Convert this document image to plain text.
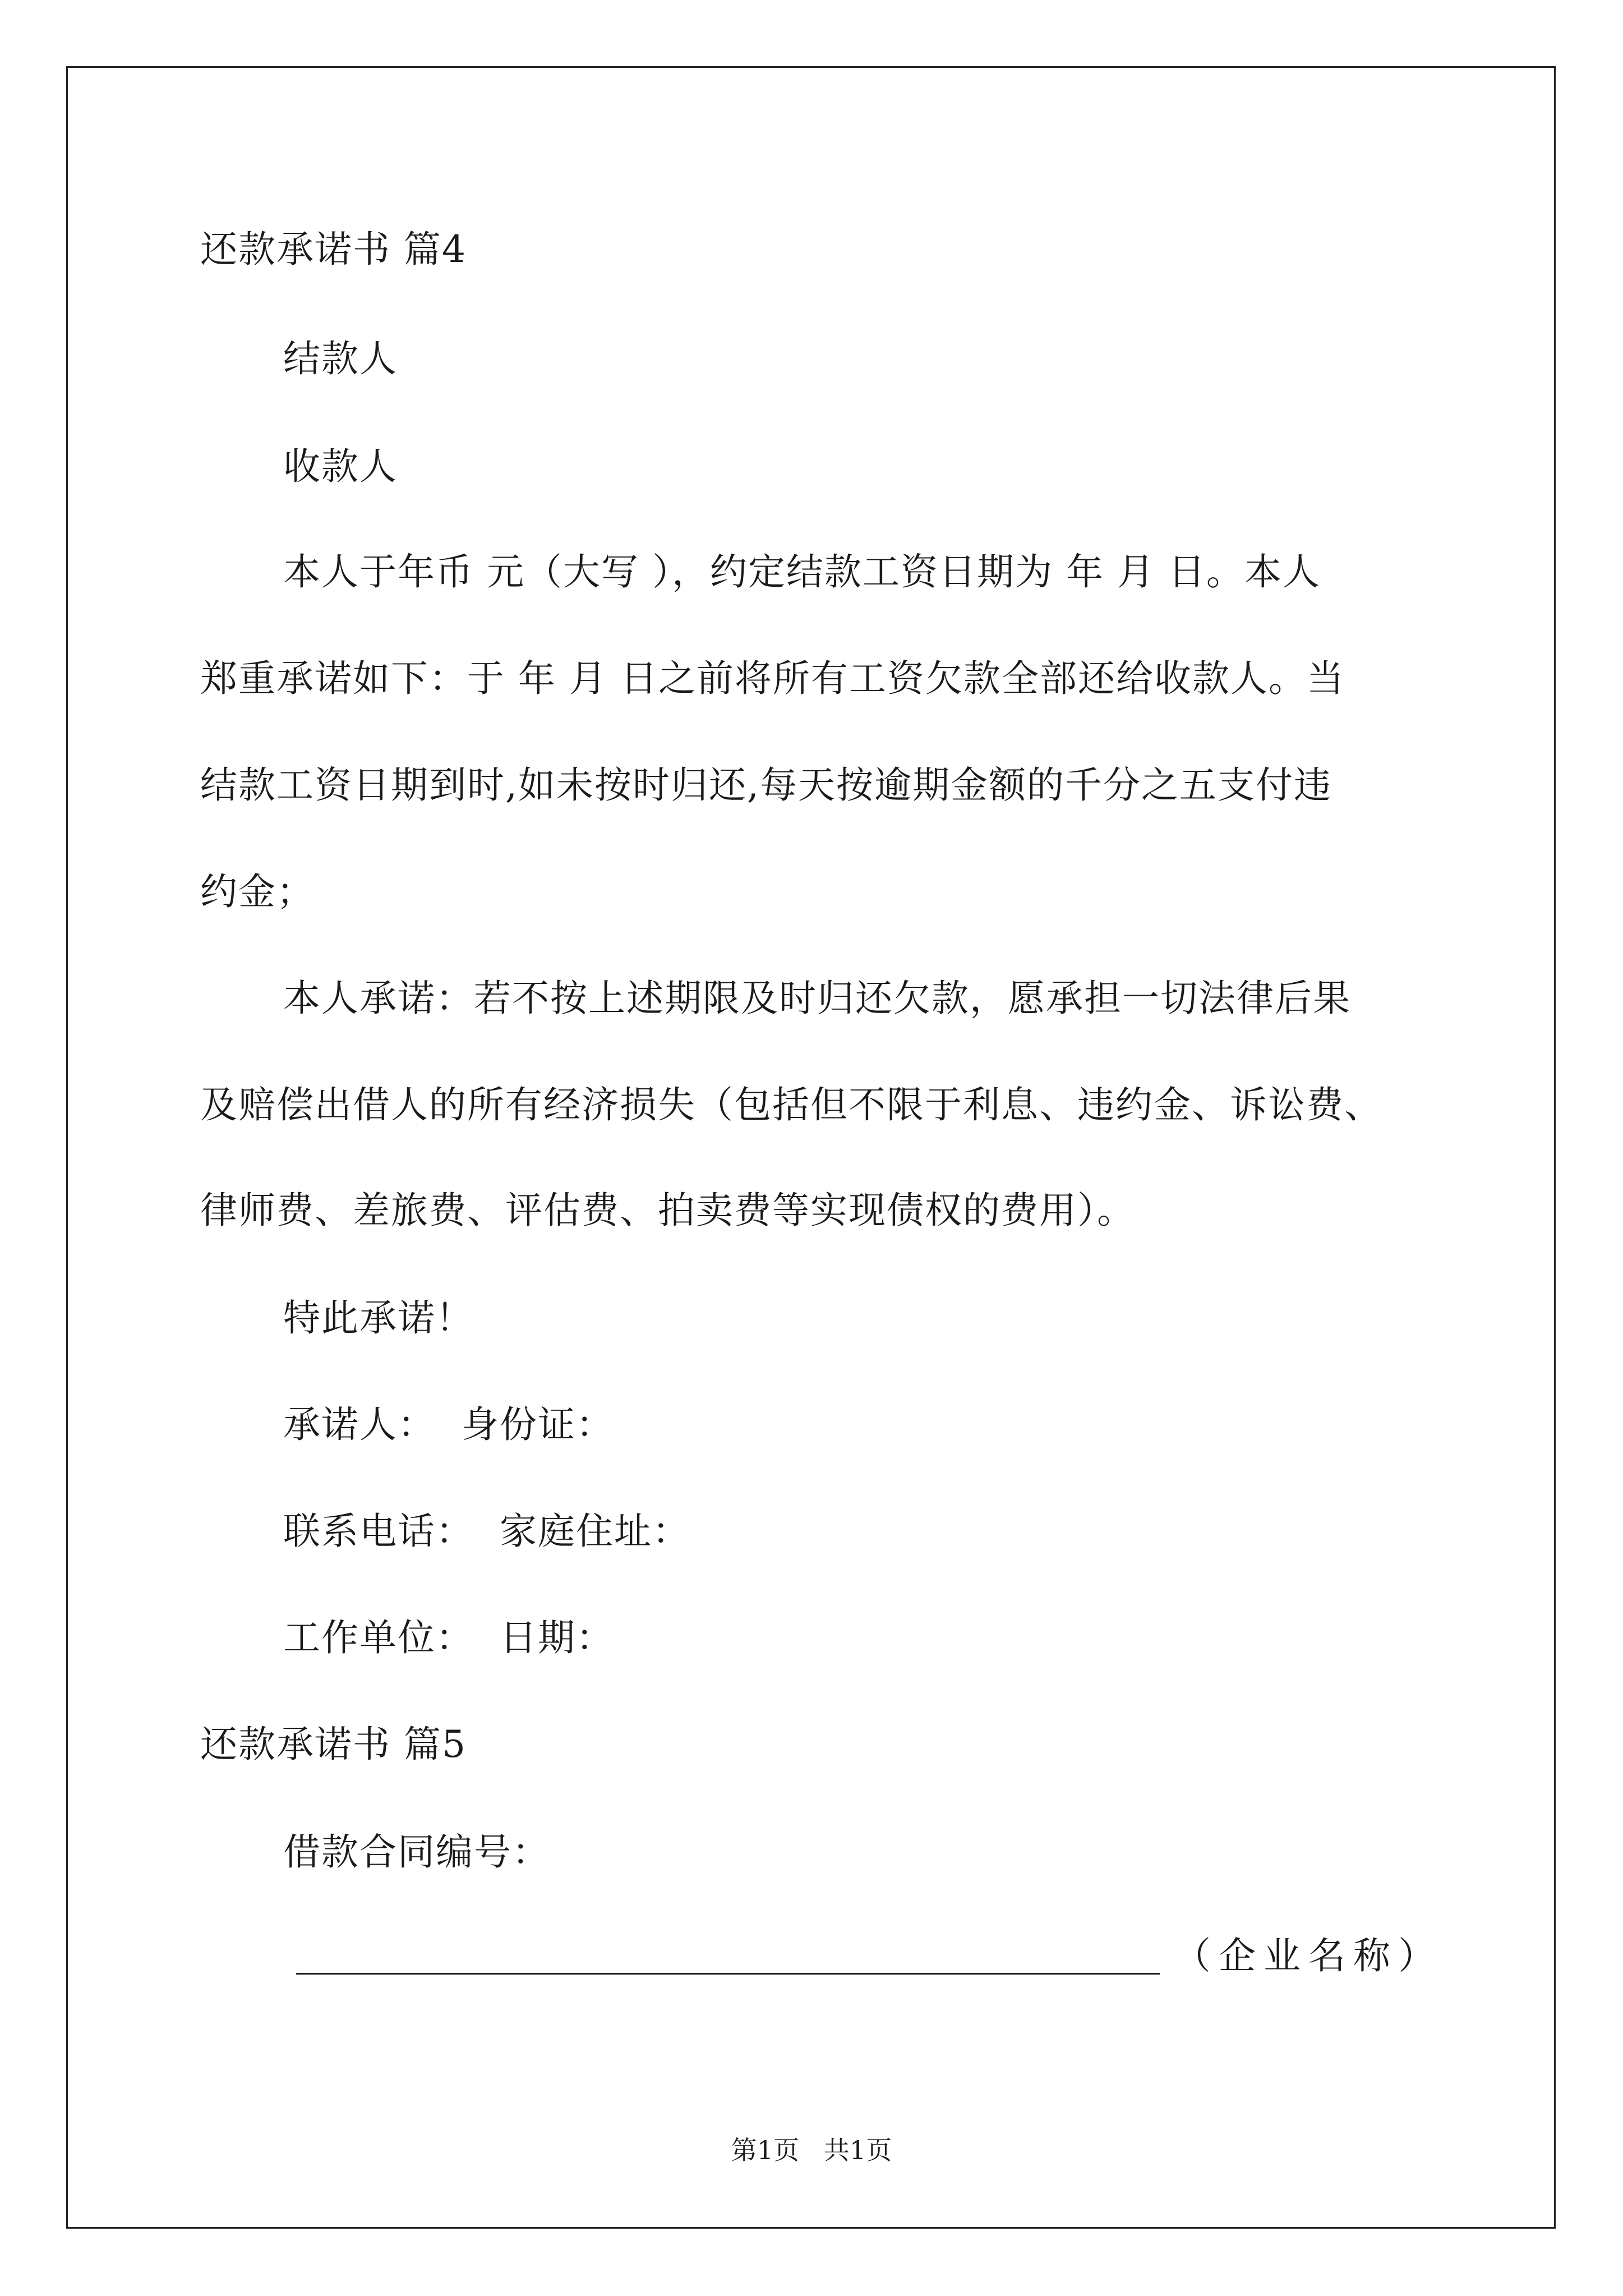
还款承诺书 篇4
结款人
收款人
本人于年币 元（大写 ），约定结款工资日期为 年 月 日。本人
郑重承诺如下：于 年 月 日之前将所有工资欠款全部还给收款人。当
结款工资日期到时,如未按时归还,每天按逾期金额的千分之五支付违
约金；
本人承诺：若不按上述期限及时归还欠款，愿承担一切法律后果
及赔偿出借人的所有经济损失（包括但不限于利息、违约金、诉讼费、
律师费、差旅费、评估费、拍卖费等实现债权的费用）。
特此承诺！
承诺人：  身份证：
联系电话：  家庭住址：
工作单位：  日期：
还款承诺书 篇5
借款合同编号：
（企业名称）
第1页   共1页
